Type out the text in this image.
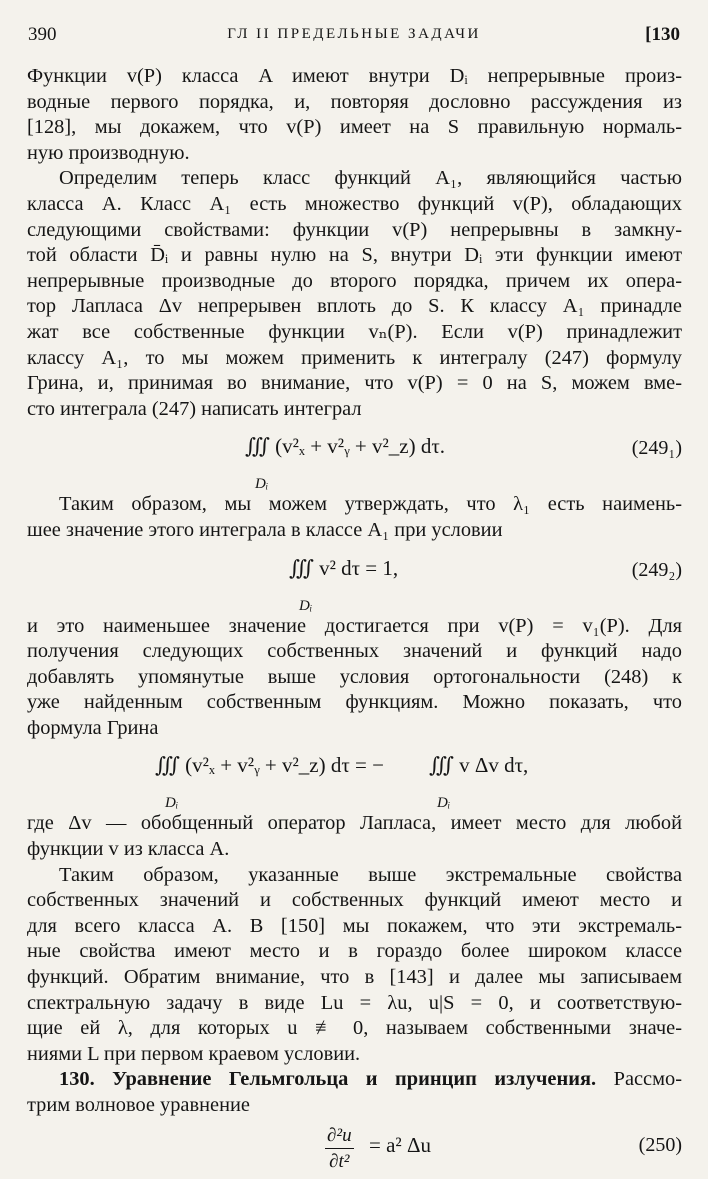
390	ГЛ II ПРЕДЕЛЬНЫЕ ЗАДАЧИ	[130
Функции v(P) класса A имеют внутри Dᵢ непрерывные произ-
водные первого порядка, и, повторяя дословно рассуждения из
[128], мы докажем, что v(P) имеет на S правильную нормаль-
ную производную.
Определим теперь класс функций A₁, являющийся частью
класса A. Класс A₁ есть множество функций v(P), обладающих
следующими свойствами: функции v(P) непрерывны в замкну-
той области D̄ᵢ и равны нулю на S, внутри Dᵢ эти функции имеют
непрерывные производные до второго порядка, причем их опера-
тор Лапласа Δv непрерывен вплоть до S. К классу A₁ принадле
жат все собственные функции vₙ(P). Если v(P) принадлежит
классу A₁, то мы можем применить к интегралу (247) формулу
Грина, и, принимая во внимание, что v(P) = 0 на S, можем вме-
сто интеграла (247) написать интеграл
∭ (v²ₓ + v²ᵧ + v²_z) dτ.
Dᵢ
(249₁)
Таким образом, мы можем утверждать, что λ₁ есть наимень-
шее значение этого интеграла в классе A₁ при условии
∭ v² dτ = 1,
Dᵢ
(249₂)
и это наименьшее значение достигается при v(P) = v₁(P). Для
получения следующих собственных значений и функций надо
добавлять упомянутые выше условия ортогональности (248) к
уже найденным собственным функциям. Можно показать, что
формула Грина
∭ (v²ₓ + v²ᵧ + v²_z) dτ = − ∭ v Δv dτ,
Dᵢ	Dᵢ
где Δv — обобщенный оператор Лапласа, имеет место для любой
функции v из класса A.
Таким образом, указанные выше экстремальные свойства
собственных значений и собственных функций имеют место и
для всего класса A. В [150] мы покажем, что эти экстремаль-
ные свойства имеют место и в гораздо более широком классе
функций. Обратим внимание, что в [143] и далее мы записываем
спектральную задачу в виде Lu = λu, u|S = 0, и соответствую-
щие ей λ, для которых u ≢ 0, называем собственными значе-
ниями L при первом краевом условии.
130. Уравнение Гельмгольца и принцип излучения. Рассмо-
трим волновое уравнение
$\frac{\text{∂²u}}{\text{∂t²}} = a^2$ Δu	(250)
